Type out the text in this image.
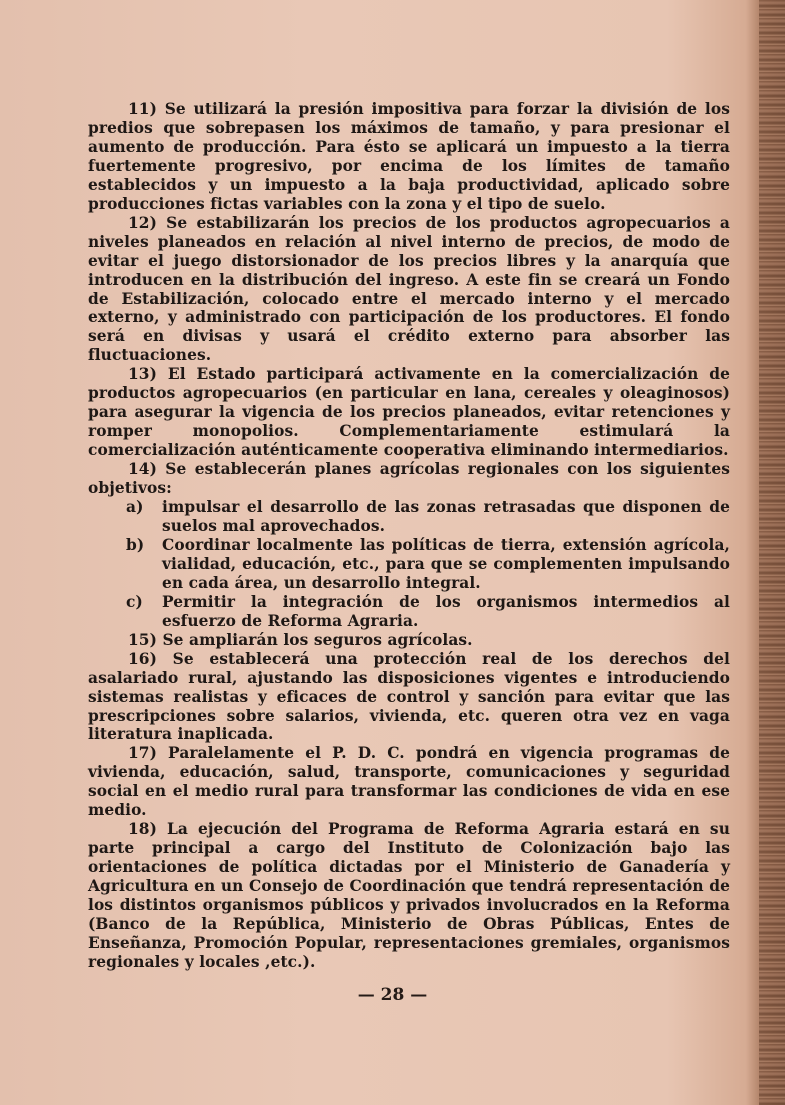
11) Se utilizará la presión impositiva para forzar la división de los predios que sobrepasen los máximos de tamaño, y para presionar el aumento de producción. Para ésto se aplicará un impuesto a la tierra fuertemente progresivo, por encima de los límites de tamaño establecidos y un impuesto a la baja productividad, aplicado sobre producciones fictas variables con la zona y el tipo de suelo.

12) Se estabilizarán los precios de los productos agropecuarios a niveles planeados en relación al nivel interno de precios, de modo de evitar el juego distorsionador de los precios libres y la anarquía que introducen en la distribución del ingreso. A este fin se creará un Fondo de Estabilización, colocado entre el mercado interno y el mercado externo, y administrado con participación de los productores. El fondo será en divisas y usará el crédito externo para absorber las fluctuaciones.

13) El Estado participará activamente en la comercialización de productos agropecuarios (en particular en lana, cereales y oleaginosos) para asegurar la vigencia de los precios planeados, evitar retenciones y romper monopolios. Complementariamente estimulará la comercialización auténticamente cooperativa eliminando intermediarios.

14) Se establecerán planes agrícolas regionales con los siguientes objetivos:

a) impulsar el desarrollo de las zonas retrasadas que disponen de suelos mal aprovechados.
b) Coordinar localmente las políticas de tierra, extensión agrícola, vialidad, educación, etc., para que se complementen impulsando en cada área, un desarrollo integral.
c) Permitir la integración de los organismos intermedios al esfuerzo de Reforma Agraria.

15) Se ampliarán los seguros agrícolas.

16) Se establecerá una protección real de los derechos del asalariado rural, ajustando las disposiciones vigentes e introduciendo sistemas realistas y eficaces de control y sanción para evitar que las prescripciones sobre salarios, vivienda, etc. queren otra vez en vaga literatura inaplicada.

17) Paralelamente el P. D. C. pondrá en vigencia programas de vivienda, educación, salud, transporte, comunicaciones y seguridad social en el medio rural para transformar las condiciones de vida en ese medio.

18) La ejecución del Programa de Reforma Agraria estará en su parte principal a cargo del Instituto de Colonización bajo las orientaciones de política dictadas por el Ministerio de Ganadería y Agricultura en un Consejo de Coordinación que tendrá representación de los distintos organismos públicos y privados involucrados en la Reforma (Banco de la República, Ministerio de Obras Públicas, Entes de Enseñanza, Promoción Popular, representaciones gremiales, organismos regionales y locales ,etc.).

— 28 —
